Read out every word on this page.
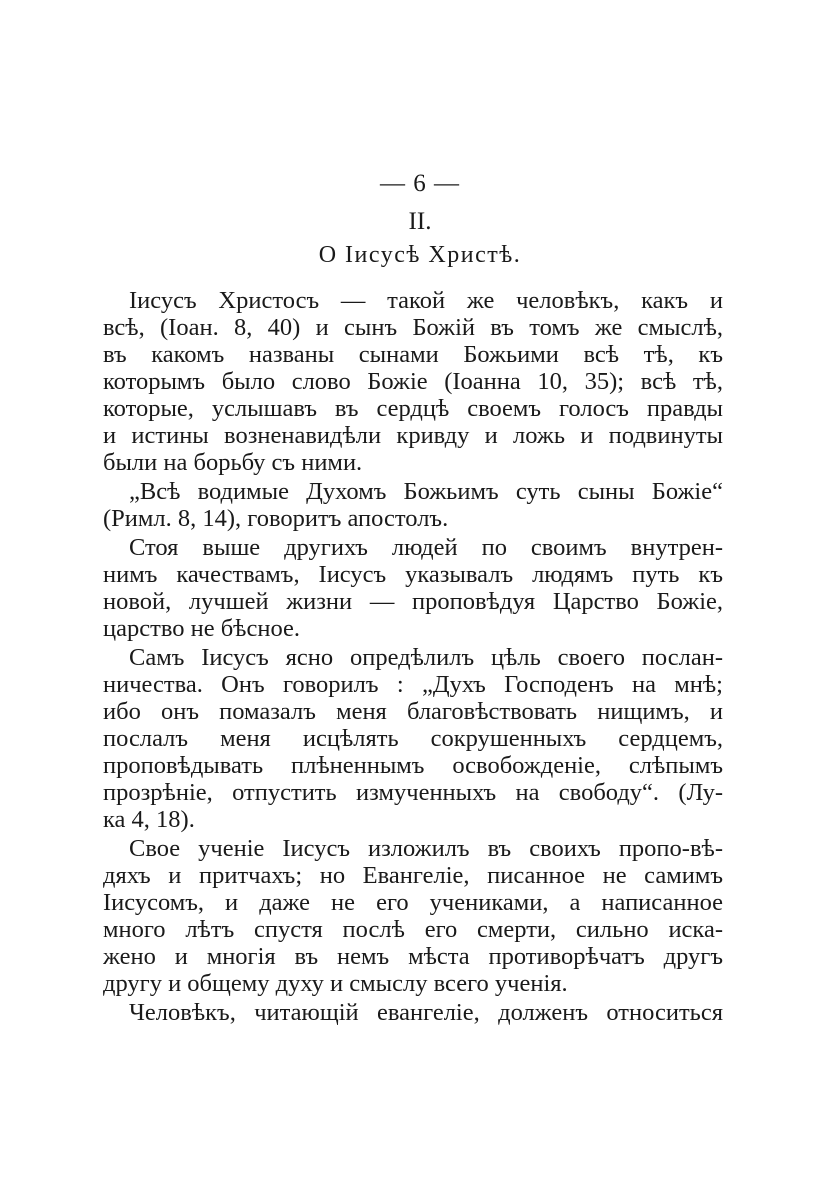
— 6 —
II.
О Іисусѣ Христѣ.
Іисусъ Христосъ — такой же человѣкъ, какъ и
всѣ, (Іоан. 8, 40) и сынъ Божій въ томъ же смыслѣ,
въ какомъ названы сынами Божьими всѣ тѣ, къ
которымъ было слово Божіе (Іоанна 10, 35); всѣ тѣ,
которые, услышавъ въ сердцѣ своемъ голосъ правды
и истины возненавидѣли кривду и ложь и подвинуты
были на борьбу съ ними.
„Всѣ водимые Духомъ Божьимъ суть сыны Божіе“
(Римл. 8, 14), говоритъ апостолъ.
Стоя выше другихъ людей по своимъ внутрен-
нимъ качествамъ, Іисусъ указывалъ людямъ путь къ
новой, лучшей жизни — проповѣдуя Царство Божіе,
царство не бѣсное.
Самъ Іисусъ ясно опредѣлилъ цѣль своего послан-
ничества. Онъ говорилъ : „Духъ Господенъ на мнѣ;
ибо онъ помазалъ меня благовѣствовать нищимъ, и
послалъ меня исцѣлять сокрушенныхъ сердцемъ,
проповѣдывать плѣненнымъ освобожденіе, слѣпымъ
прозрѣніе, отпустить измученныхъ на свободу“. (Лу-
ка 4, 18).
Свое ученіе Іисусъ изложилъ въ своихъ пропо-вѣ-
дяхъ и притчахъ; но Евангеліе, писанное не самимъ
Іисусомъ, и даже не его учениками, а написанное
много лѣтъ спустя послѣ его смерти, сильно иска-
жено и многія въ немъ мѣста противорѣчатъ другъ
другу и общему духу и смыслу всего ученія.
Человѣкъ, читающій евангеліе, долженъ относиться
